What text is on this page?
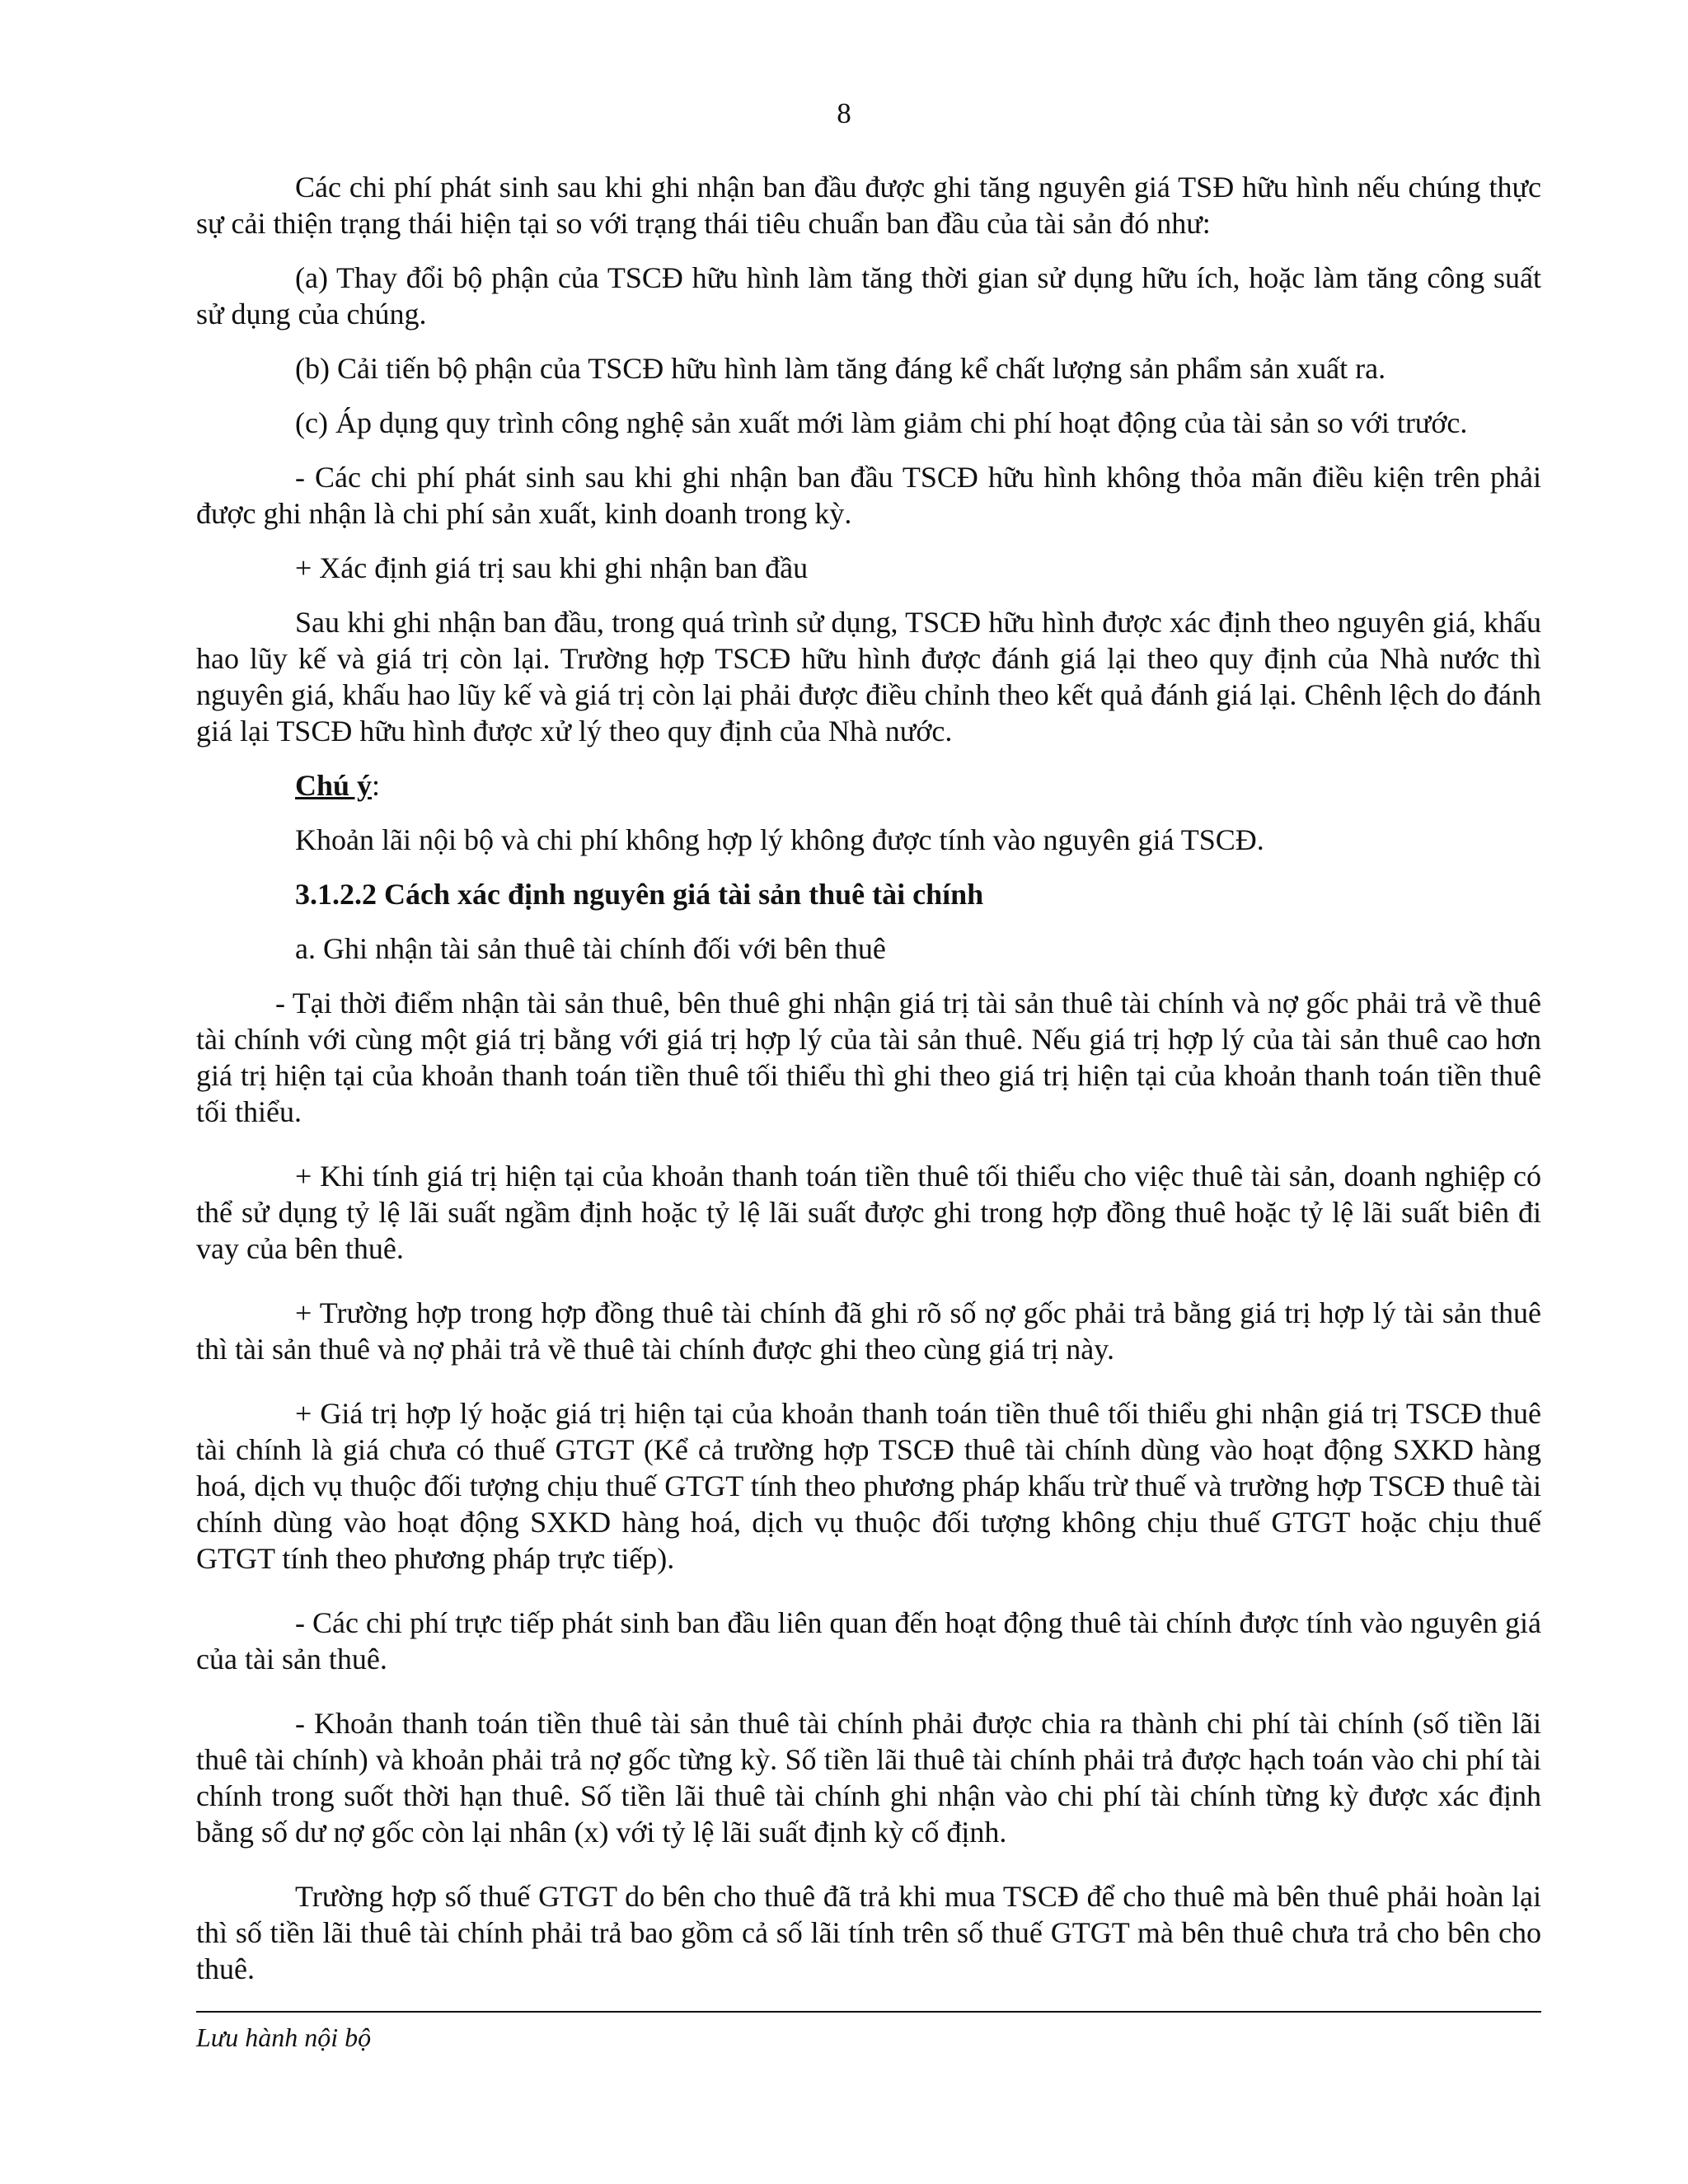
8

Các chi phí phát sinh sau khi ghi nhận ban đầu được ghi tăng nguyên giá TSĐ hữu hình nếu chúng thực sự cải thiện trạng thái hiện tại so với trạng thái tiêu chuẩn ban đầu của tài sản đó như:

(a) Thay đổi bộ phận của TSCĐ hữu hình làm tăng thời gian sử dụng hữu ích, hoặc làm tăng công suất sử dụng của chúng.

(b) Cải tiến bộ phận của TSCĐ hữu hình làm tăng đáng kể chất lượng sản phẩm sản xuất ra.

(c) Áp dụng quy trình công nghệ sản xuất mới làm giảm chi phí hoạt động của tài sản so với trước.

- Các chi phí phát sinh sau khi ghi nhận ban đầu TSCĐ hữu hình không thỏa mãn điều kiện trên phải được ghi nhận là chi phí sản xuất, kinh doanh trong kỳ.

+ Xác định giá trị sau khi ghi nhận ban đầu

Sau khi ghi nhận ban đầu, trong quá trình sử dụng, TSCĐ hữu hình được xác định theo nguyên giá, khấu hao lũy kế và giá trị còn lại. Trường hợp TSCĐ hữu hình được đánh giá lại theo quy định của Nhà nước thì nguyên giá, khấu hao lũy kế và giá trị còn lại phải được điều chỉnh theo kết quả đánh giá lại. Chênh lệch do đánh giá lại TSCĐ hữu hình được xử lý theo quy định của Nhà nước.

Chú ý:

Khoản lãi nội bộ và chi phí không hợp lý không được tính vào nguyên giá TSCĐ.

3.1.2.2 Cách xác định nguyên giá tài sản thuê tài chính

a. Ghi nhận tài sản thuê tài chính đối với bên thuê

- Tại thời điểm nhận tài sản thuê, bên thuê ghi nhận giá trị tài sản thuê tài chính và nợ gốc phải trả về thuê tài chính với cùng một giá trị bằng với giá trị hợp lý của tài sản thuê. Nếu giá trị hợp lý của tài sản thuê cao hơn giá trị hiện tại của khoản thanh toán tiền thuê tối thiểu thì ghi theo giá trị hiện tại của khoản thanh toán tiền thuê tối thiểu.

+ Khi tính giá trị hiện tại của khoản thanh toán tiền thuê tối thiểu cho việc thuê tài sản, doanh nghiệp có thể sử dụng tỷ lệ lãi suất ngầm định hoặc tỷ lệ lãi suất được ghi trong hợp đồng thuê hoặc tỷ lệ lãi suất biên đi vay của bên thuê.

+ Trường hợp trong hợp đồng thuê tài chính đã ghi rõ số nợ gốc phải trả bằng giá trị hợp lý tài sản thuê thì tài sản thuê và nợ phải trả về thuê tài chính được ghi theo cùng giá trị này.

+ Giá trị hợp lý hoặc giá trị hiện tại của khoản thanh toán tiền thuê tối thiểu ghi nhận giá trị TSCĐ thuê tài chính là giá chưa có thuế GTGT (Kể cả trường hợp TSCĐ thuê tài chính dùng vào hoạt động SXKD hàng hoá, dịch vụ thuộc đối tượng chịu thuế GTGT tính theo phương pháp khấu trừ thuế và trường hợp TSCĐ thuê tài chính dùng vào hoạt động SXKD hàng hoá, dịch vụ thuộc đối tượng không chịu thuế GTGT hoặc chịu thuế GTGT tính theo phương pháp trực tiếp).

- Các chi phí trực tiếp phát sinh ban đầu liên quan đến hoạt động thuê tài chính được tính vào nguyên giá của tài sản thuê.

- Khoản thanh toán tiền thuê tài sản thuê tài chính phải được chia ra thành chi phí tài chính (số tiền lãi thuê tài chính) và khoản phải trả nợ gốc từng kỳ. Số tiền lãi thuê tài chính phải trả được hạch toán vào chi phí tài chính trong suốt thời hạn thuê. Số tiền lãi thuê tài chính ghi nhận vào chi phí tài chính từng kỳ được xác định bằng số dư nợ gốc còn lại nhân (x) với tỷ lệ lãi suất định kỳ cố định.

Trường hợp số thuế GTGT do bên cho thuê đã trả khi mua TSCĐ để cho thuê mà bên thuê phải hoàn lại thì số tiền lãi thuê tài chính phải trả bao gồm cả số lãi tính trên số thuế GTGT mà bên thuê chưa trả cho bên cho thuê.

Lưu hành nội bộ
